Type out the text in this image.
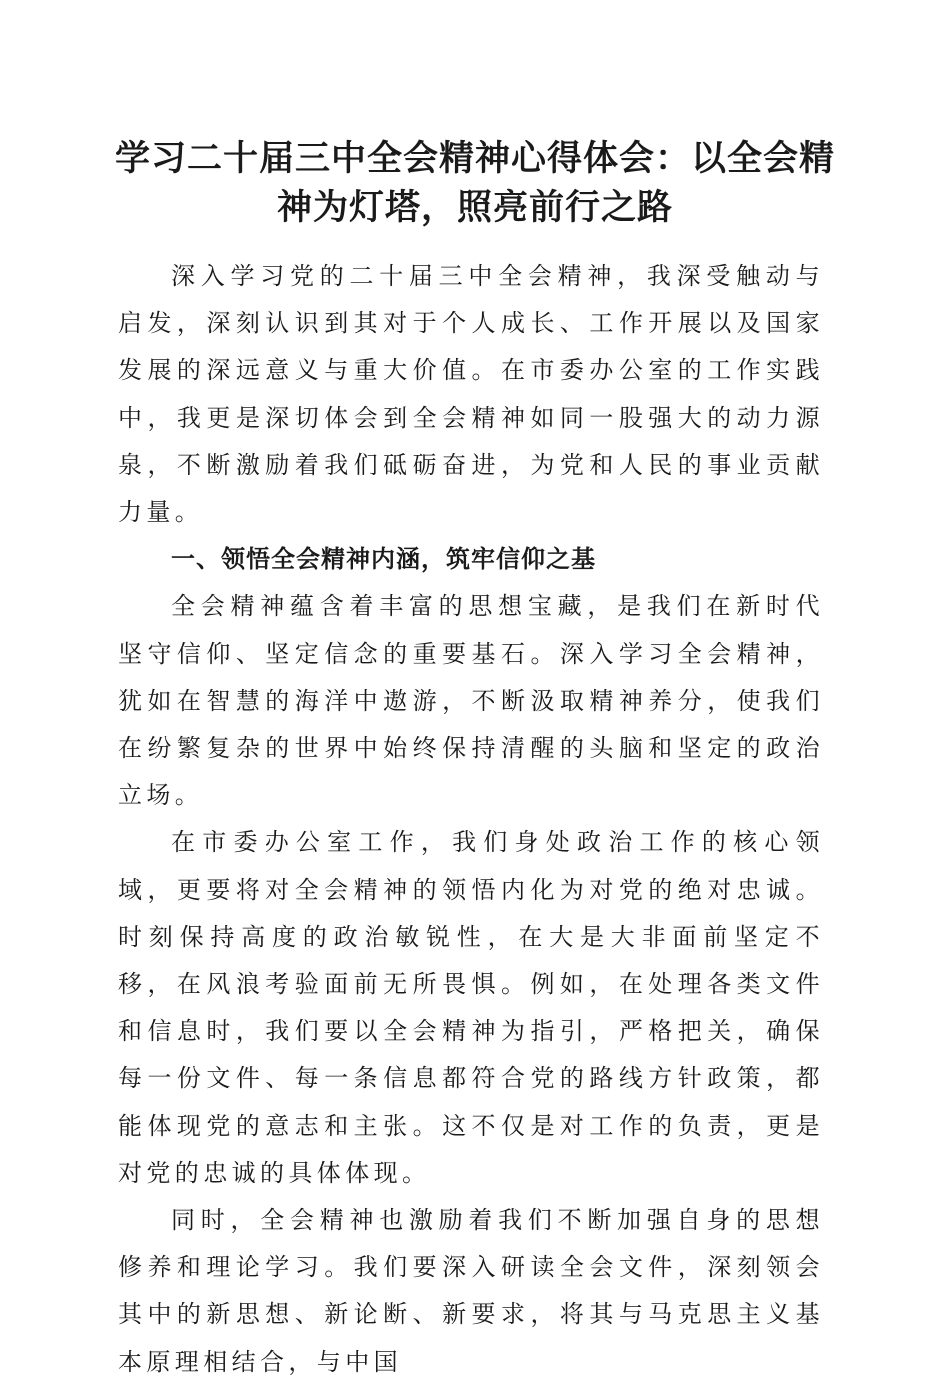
学习二十届三中全会精神心得体会：以全会精神为灯塔，照亮前行之路

深入学习党的二十届三中全会精神，我深受触动与启发，深刻认识到其对于个人成长、工作开展以及国家发展的深远意义与重大价值。在市委办公室的工作实践中，我更是深切体会到全会精神如同一股强大的动力源泉，不断激励着我们砥砺奋进，为党和人民的事业贡献力量。

一、领悟全会精神内涵，筑牢信仰之基

全会精神蕴含着丰富的思想宝藏，是我们在新时代坚守信仰、坚定信念的重要基石。深入学习全会精神，犹如在智慧的海洋中遨游，不断汲取精神养分，使我们在纷繁复杂的世界中始终保持清醒的头脑和坚定的政治立场。

在市委办公室工作，我们身处政治工作的核心领域，更要将对全会精神的领悟内化为对党的绝对忠诚。时刻保持高度的政治敏锐性，在大是大非面前坚定不移，在风浪考验面前无所畏惧。例如，在处理各类文件和信息时，我们要以全会精神为指引，严格把关，确保每一份文件、每一条信息都符合党的路线方针政策，都能体现党的意志和主张。这不仅是对工作的负责，更是对党的忠诚的具体体现。

同时，全会精神也激励着我们不断加强自身的思想修养和理论学习。我们要深入研读全会文件，深刻领会其中的新思想、新论断、新要求，将其与马克思主义基本原理相结合，与中国
